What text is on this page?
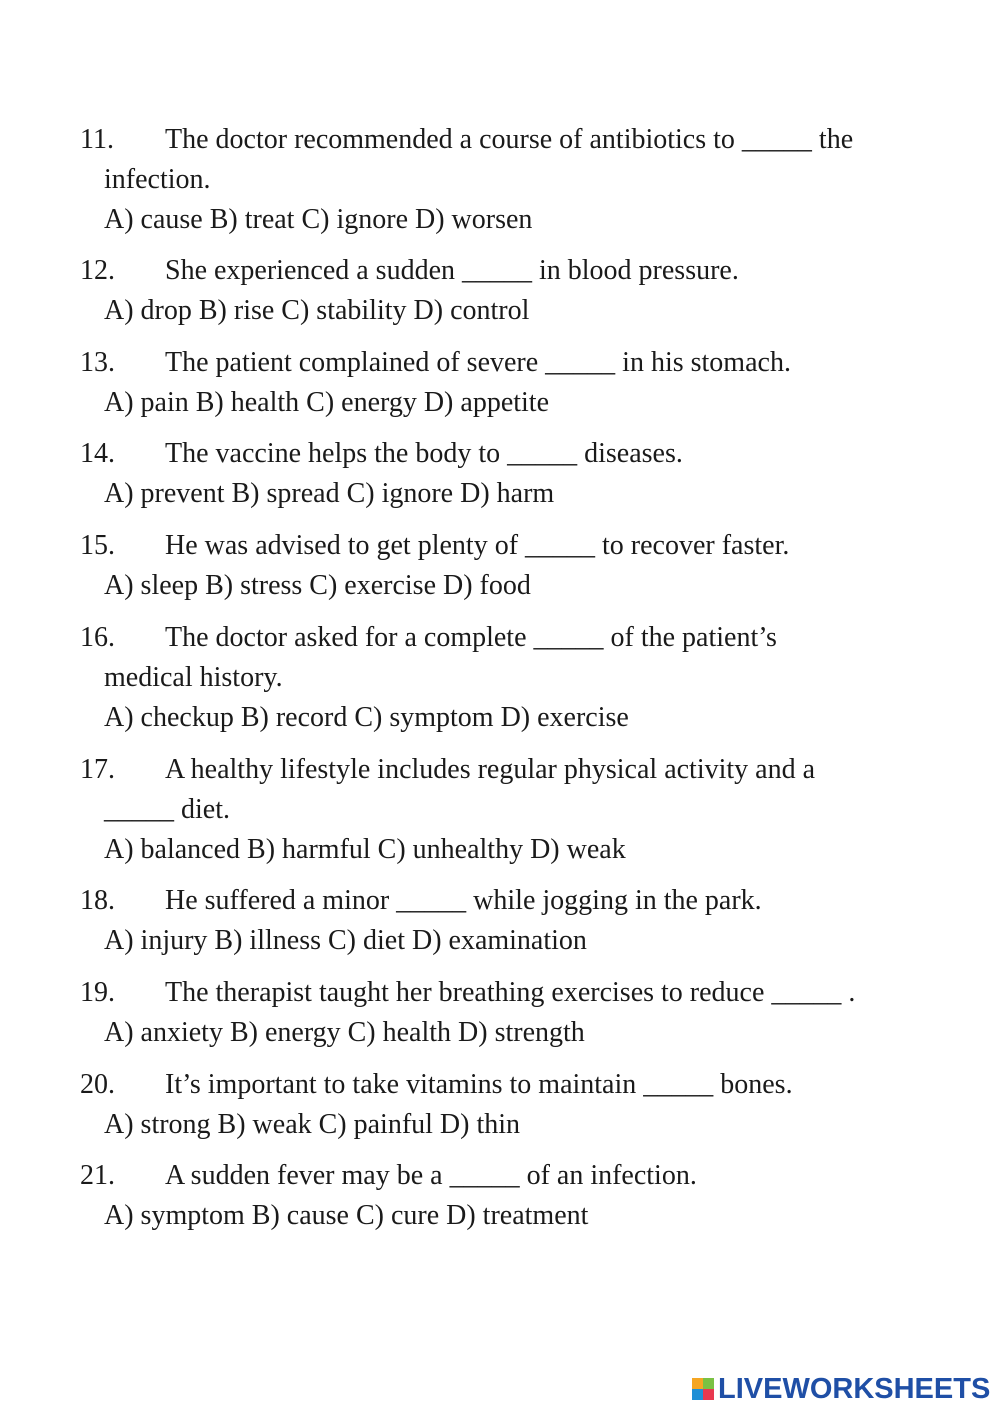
11.	The doctor recommended a course of antibiotics to _____ the
infection.
A) cause B) treat C) ignore D) worsen
12.	She experienced a sudden _____ in blood pressure.
A) drop B) rise C) stability D) control
13.	The patient complained of severe _____ in his stomach.
A) pain B) health C) energy D) appetite
14.	The vaccine helps the body to _____ diseases.
A) prevent B) spread C) ignore D) harm
15.	He was advised to get plenty of _____ to recover faster.
A) sleep B) stress C) exercise D) food
16.	The doctor asked for a complete _____ of the patient’s
medical history.
A) checkup B) record C) symptom D) exercise
17.	A healthy lifestyle includes regular physical activity and a
_____ diet.
A) balanced B) harmful C) unhealthy D) weak
18.	He suffered a minor _____ while jogging in the park.
A) injury B) illness C) diet D) examination
19.	The therapist taught her breathing exercises to reduce _____ .
A) anxiety B) energy C) health D) strength
20.	It’s important to take vitamins to maintain _____ bones.
A) strong B) weak C) painful D) thin
21.	A sudden fever may be a _____ of an infection.
A) symptom B) cause C) cure D) treatment
LIVEWORKSHEETS
